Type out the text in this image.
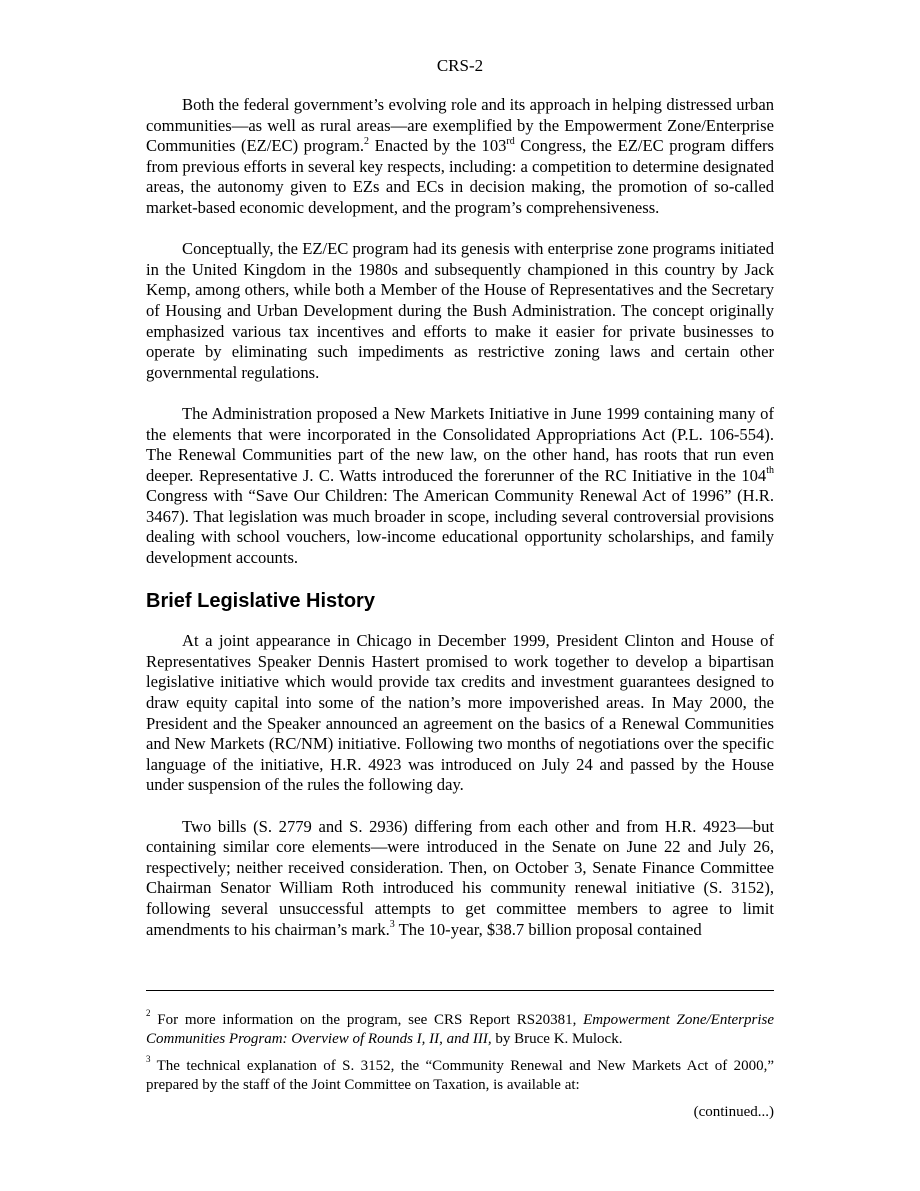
CRS-2

Both the federal government’s evolving role and its approach in helping distressed urban communities—as well as rural areas—are exemplified by the Empowerment Zone/Enterprise Communities (EZ/EC) program.$^2$ Enacted by the 103rd Congress, the EZ/EC program differs from previous efforts in several key respects, including: a competition to determine designated areas, the autonomy given to EZs and ECs in decision making, the promotion of so-called market-based economic development, and the program’s comprehensiveness.

Conceptually, the EZ/EC program had its genesis with enterprise zone programs initiated in the United Kingdom in the 1980s and subsequently championed in this country by Jack Kemp, among others, while both a Member of the House of Representatives and the Secretary of Housing and Urban Development during the Bush Administration. The concept originally emphasized various tax incentives and efforts to make it easier for private businesses to operate by eliminating such impediments as restrictive zoning laws and certain other governmental regulations.

The Administration proposed a New Markets Initiative in June 1999 containing many of the elements that were incorporated in the Consolidated Appropriations Act (P.L. 106-554). The Renewal Communities part of the new law, on the other hand, has roots that run even deeper. Representative J. C. Watts introduced the forerunner of the RC Initiative in the 104th Congress with “Save Our Children: The American Community Renewal Act of 1996” (H.R. 3467). That legislation was much broader in scope, including several controversial provisions dealing with school vouchers, low-income educational opportunity scholarships, and family development accounts.

Brief Legislative History

At a joint appearance in Chicago in December 1999, President Clinton and House of Representatives Speaker Dennis Hastert promised to work together to develop a bipartisan legislative initiative which would provide tax credits and investment guarantees designed to draw equity capital into some of the nation’s more impoverished areas. In May 2000, the President and the Speaker announced an agreement on the basics of a Renewal Communities and New Markets (RC/NM) initiative. Following two months of negotiations over the specific language of the initiative, H.R. 4923 was introduced on July 24 and passed by the House under suspension of the rules the following day.

Two bills (S. 2779 and S. 2936) differing from each other and from H.R. 4923—but containing similar core elements—were introduced in the Senate on June 22 and July 26, respectively; neither received consideration. Then, on October 3, Senate Finance Committee Chairman Senator William Roth introduced his community renewal initiative (S. 3152), following several unsuccessful attempts to get committee members to agree to limit amendments to his chairman’s mark.$^3$ The 10-year, $38.7 billion proposal contained

$^2$ For more information on the program, see CRS Report RS20381, Empowerment Zone/Enterprise Communities Program: Overview of Rounds I, II, and III, by Bruce K. Mulock.

$^3$ The technical explanation of S. 3152, the “Community Renewal and New Markets Act of 2000,” prepared by the staff of the Joint Committee on Taxation, is available at:

(continued...)
